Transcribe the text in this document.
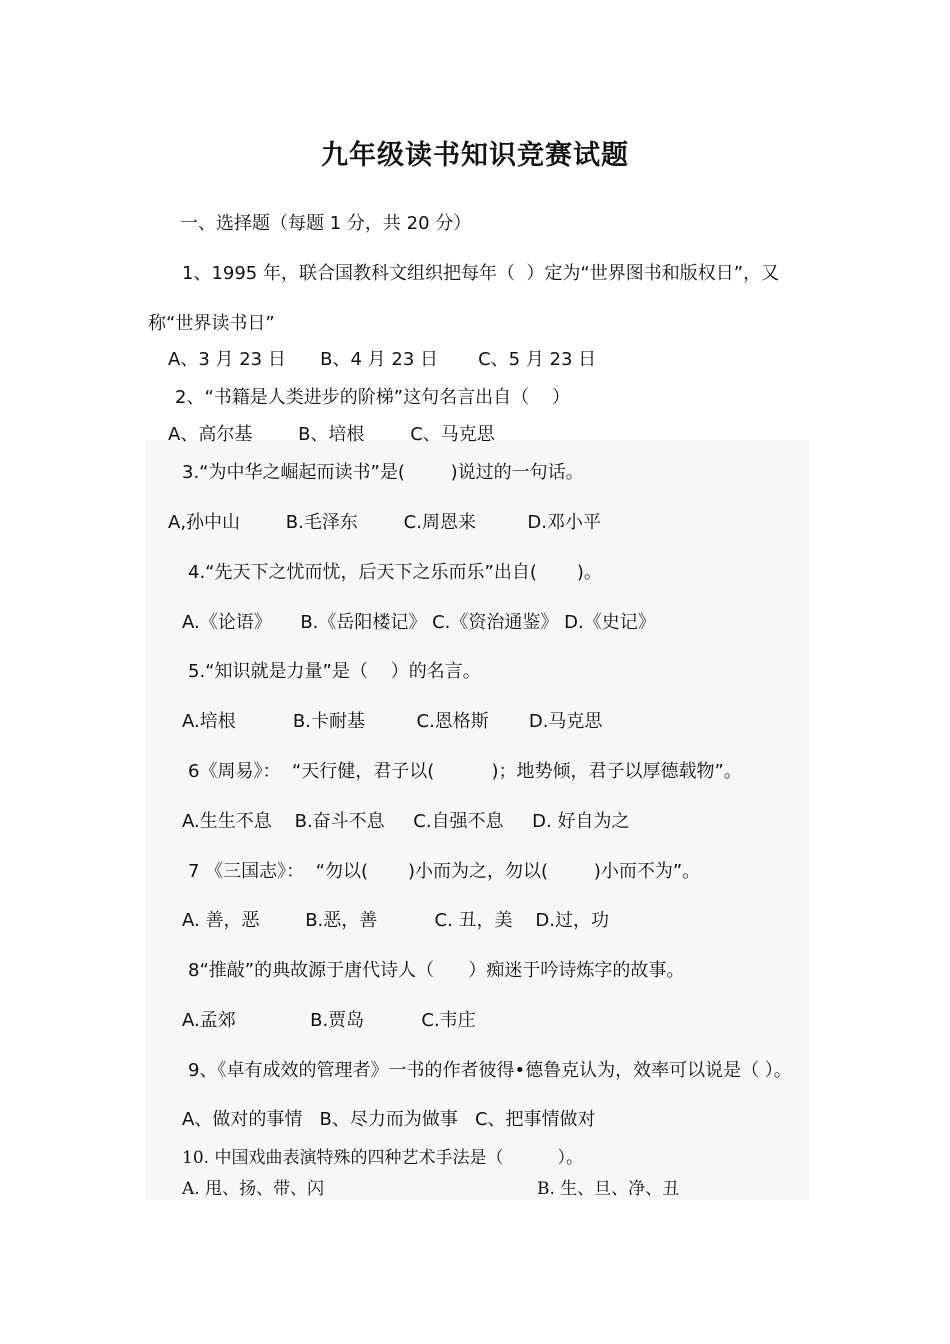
九年级读书知识竞赛试题
一、选择题（每题 1 分，共 20 分）
1、1995 年，联合国教科文组织把每年（  ）定为“世界图书和版权日”，又
称“世界读书日”
A、3 月 23 日      B、4 月 23 日       C、5 月 23 日
2、“书籍是人类进步的阶梯”这句名言出自（    ）
A、高尔基        B、培根        C、马克思
3.“为中华之崛起而读书”是(        )说过的一句话。
A,孙中山        B.毛泽东        C.周恩来         D.邓小平
4.“先天下之忧而忧，后天下之乐而乐”出自(       )。
A.《论语》     B.《岳阳楼记》 C.《资治通鉴》 D.《史记》
5.“知识就是力量”是（    ）的名言。
A.培根          B.卡耐基         C.恩格斯       D.马克思
6《周易》：  “天行健，君子以(          )；地势倾，君子以厚德载物”。
A.生生不息    B.奋斗不息     C.自强不息     D. 好自为之
7 《三国志》：  “勿以(       )小而为之，勿以(        )小而不为”。
A. 善，恶        B.恶，善          C. 丑，美    D.过，功
8“推敲”的典故源于唐代诗人（      ）痴迷于吟诗炼字的故事。
A.孟郊             B.贾岛          C.韦庄
9、《卓有成效的管理者》一书的作者彼得•德鲁克认为，效率可以说是（ ）。
A、做对的事情   B、尽力而为做事   C、把事情做对
10. 中国戏曲表演特殊的四种艺术手法是（          ）。
A. 甩、扬、带、闪	B. 生、旦、净、丑
